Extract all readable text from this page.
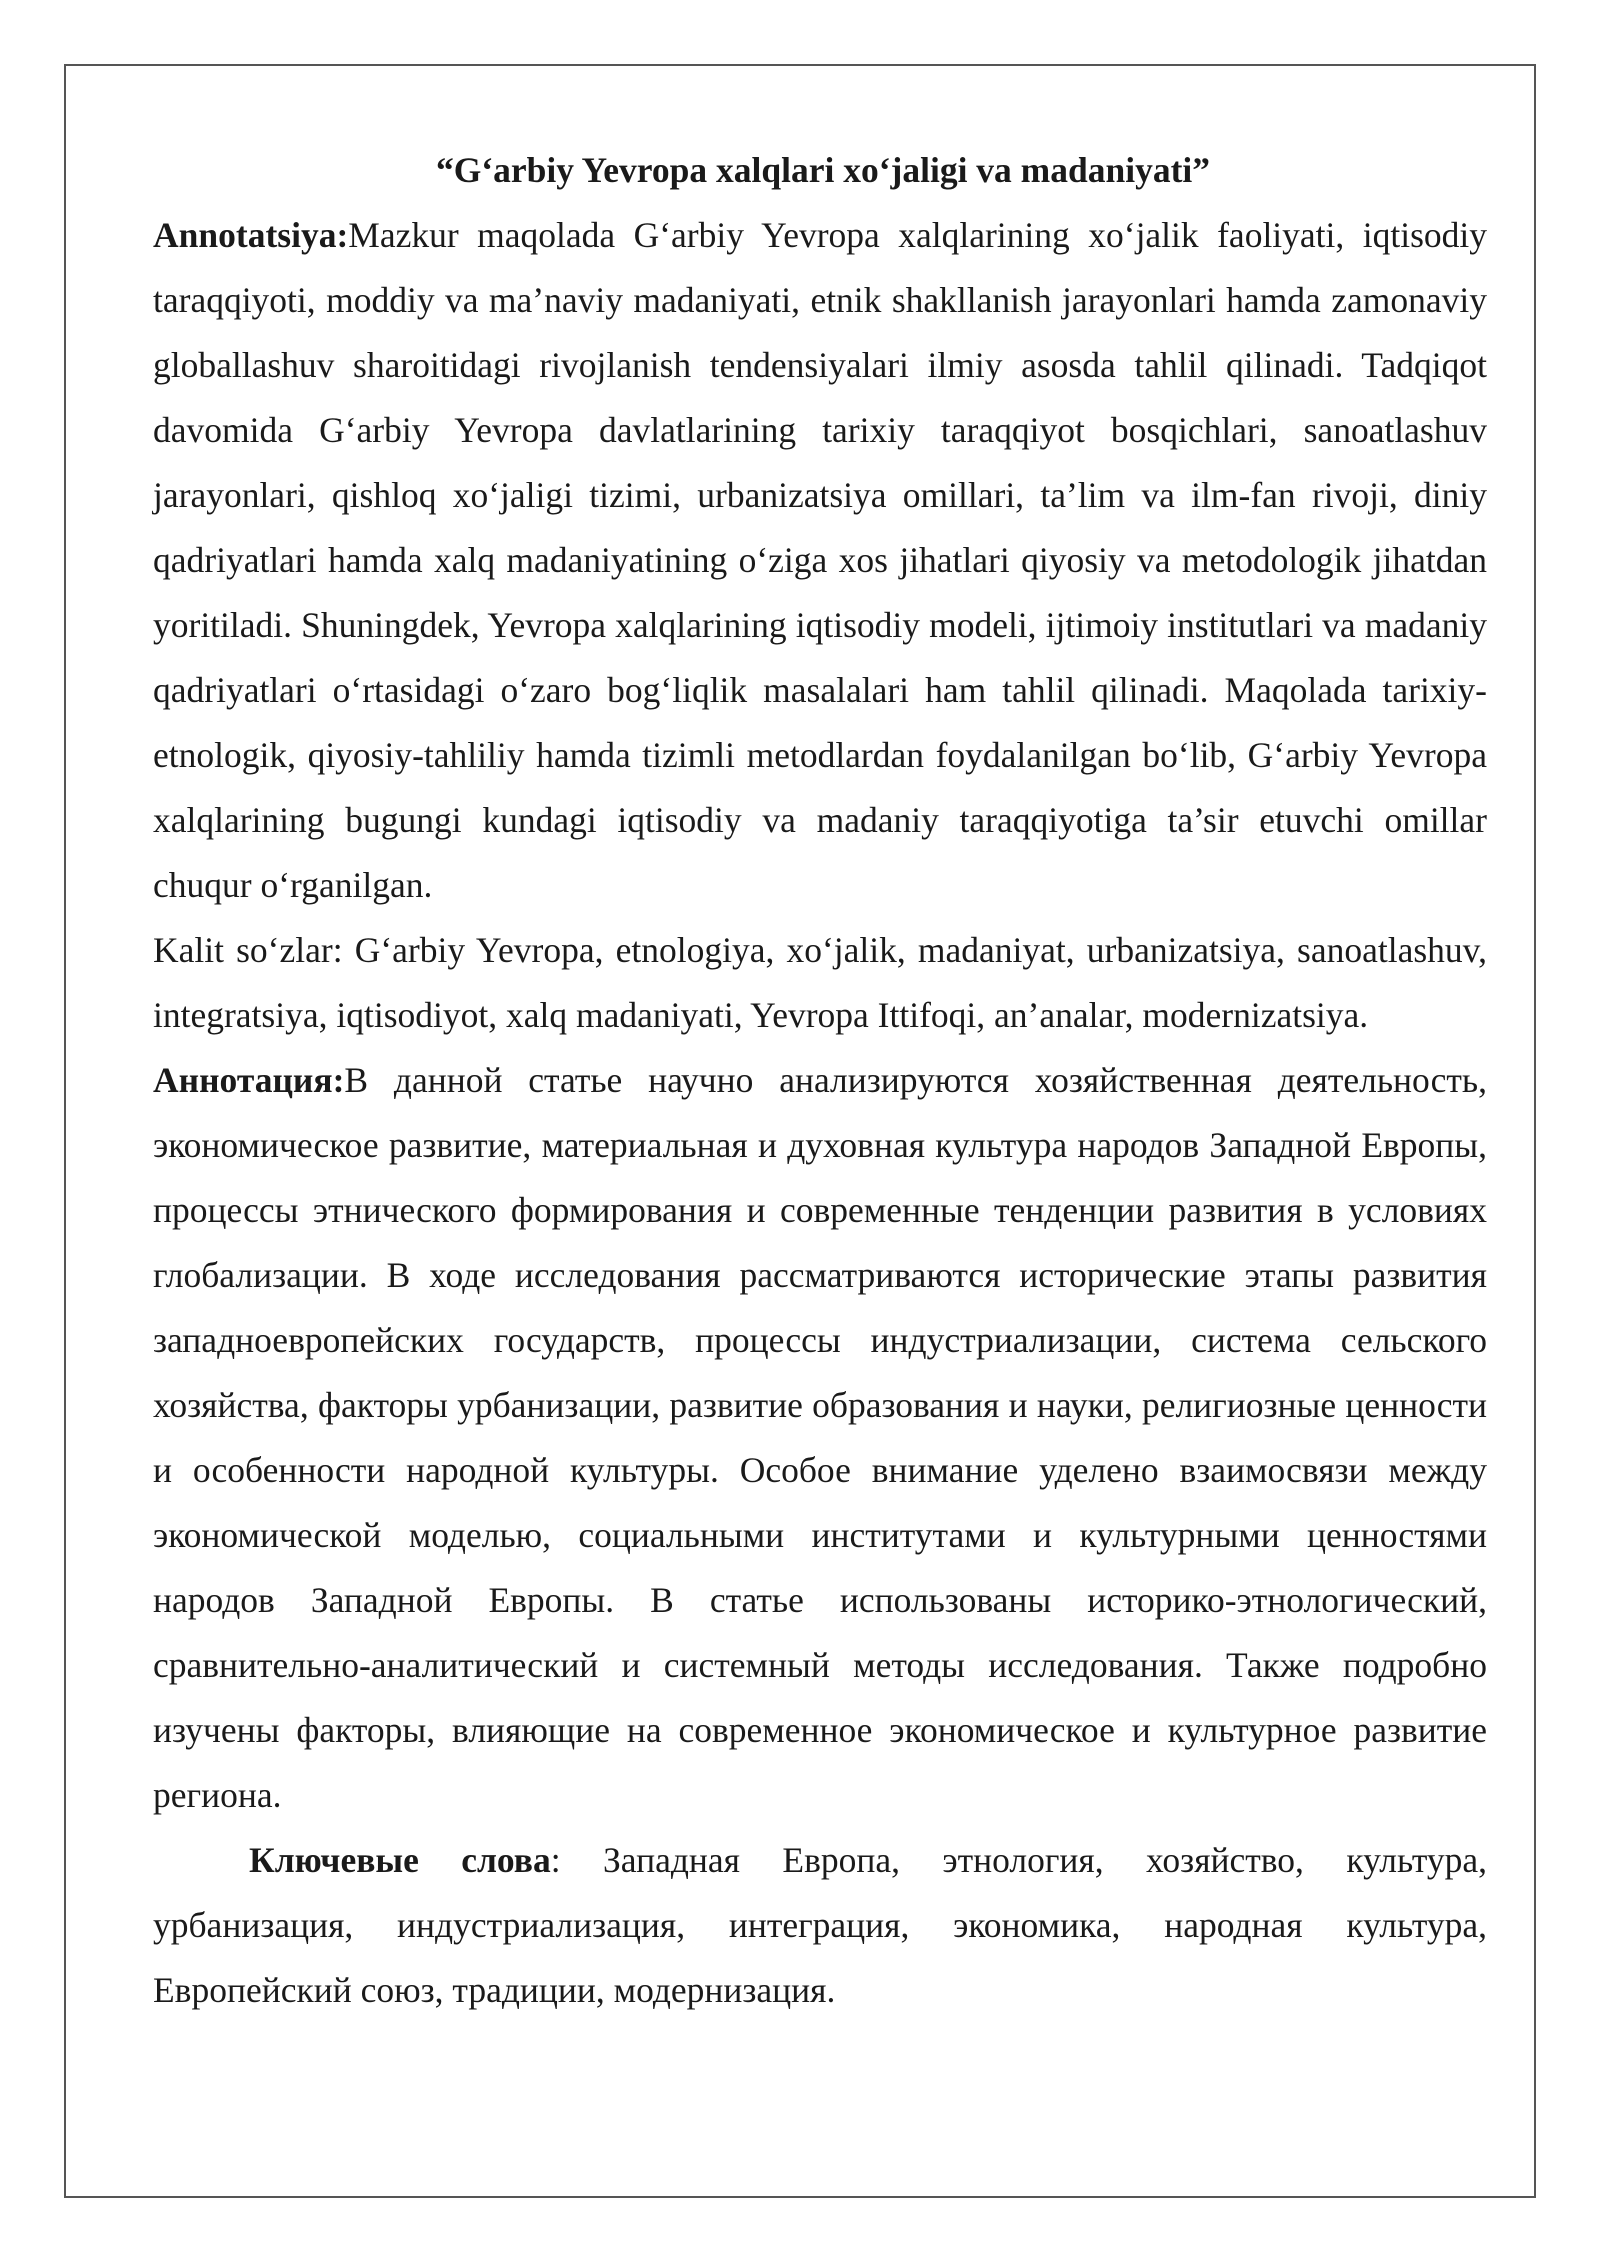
“G‘arbiy Yevropa xalqlari xo‘jaligi va madaniyati”

Annotatsiya:Mazkur maqolada G‘arbiy Yevropa xalqlarining xo‘jalik faoliyati, iqtisodiy taraqqiyoti, moddiy va ma’naviy madaniyati, etnik shakllanish jarayonlari hamda zamonaviy globallashuv sharoitidagi rivojlanish tendensiyalari ilmiy asosda tahlil qilinadi. Tadqiqot davomida G‘arbiy Yevropa davlatlarining tarixiy taraqqiyot bosqichlari, sanoatlashuv jarayonlari, qishloq xo‘jaligi tizimi, urbanizatsiya omillari, ta’lim va ilm-fan rivoji, diniy qadriyatlari hamda xalq madaniyatining o‘ziga xos jihatlari qiyosiy va metodologik jihatdan yoritiladi. Shuningdek, Yevropa xalqlarining iqtisodiy modeli, ijtimoiy institutlari va madaniy qadriyatlari o‘rtasidagi o‘zaro bog‘liqlik masalalari ham tahlil qilinadi. Maqolada tarixiy-etnologik, qiyosiy-tahliliy hamda tizimli metodlardan foydalanilgan bo‘lib, G‘arbiy Yevropa xalqlarining bugungi kundagi iqtisodiy va madaniy taraqqiyotiga ta’sir etuvchi omillar chuqur o‘rganilgan.

Kalit so‘zlar: G‘arbiy Yevropa, etnologiya, xo‘jalik, madaniyat, urbanizatsiya, sanoatlashuv, integratsiya, iqtisodiyot, xalq madaniyati, Yevropa Ittifoqi, an’analar, modernizatsiya.

Аннотация:В данной статье научно анализируются хозяйственная деятельность, экономическое развитие, материальная и духовная культура народов Западной Европы, процессы этнического формирования и современные тенденции развития в условиях глобализации. В ходе исследования рассматриваются исторические этапы развития западноевропейских государств, процессы индустриализации, система сельского хозяйства, факторы урбанизации, развитие образования и науки, религиозные ценности и особенности народной культуры. Особое внимание уделено взаимосвязи между экономической моделью, социальными институтами и культурными ценностями народов Западной Европы. В статье использованы историко-этнологический, сравнительно-аналитический и системный методы исследования. Также подробно изучены факторы, влияющие на современное экономическое и культурное развитие региона.

Ключевые слова: Западная Европа, этнология, хозяйство, культура, урбанизация, индустриализация, интеграция, экономика, народная культура, Европейский союз, традиции, модернизация.
